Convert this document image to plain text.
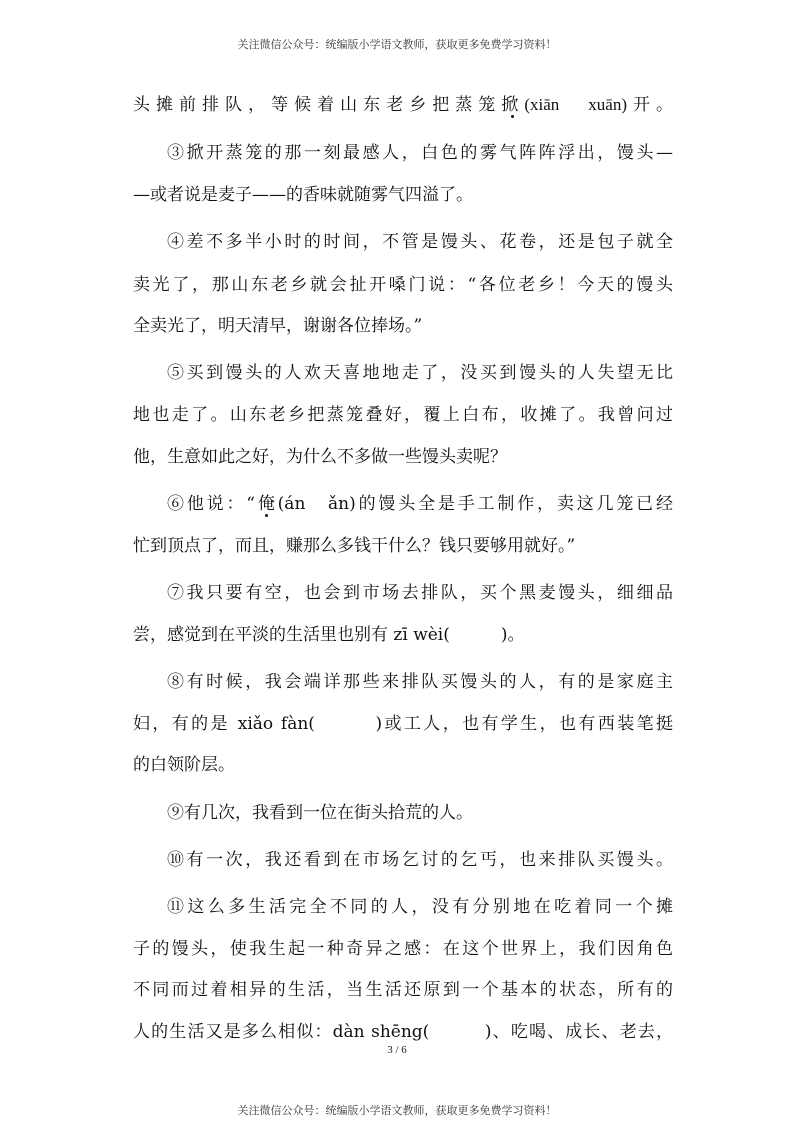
关注微信公众号：统编版小学语文教师，获取更多免费学习资料！
头摊前排队，等候着山东老乡把蒸笼掀(xiān　xuān)开。
③掀开蒸笼的那一刻最感人，白色的雾气阵阵浮出，馒头—
—或者说是麦子——的香味就随雾气四溢了。
④差不多半小时的时间，不管是馒头、花卷，还是包子就全
卖光了，那山东老乡就会扯开嗓门说：“各位老乡！今天的馒头
全卖光了，明天清早，谢谢各位捧场。”
⑤买到馒头的人欢天喜地地走了，没买到馒头的人失望无比
地也走了。山东老乡把蒸笼叠好，覆上白布，收摊了。我曾问过
他，生意如此之好，为什么不多做一些馒头卖呢？
⑥他说：“俺(án　ǎn)的馒头全是手工制作，卖这几笼已经
忙到顶点了，而且，赚那么多钱干什么？钱只要够用就好。”
⑦我只要有空，也会到市场去排队，买个黑麦馒头，细细品
尝，感觉到在平淡的生活里也别有 zī wèi(　　　)。
⑧有时候，我会端详那些来排队买馒头的人，有的是家庭主
妇，有的是 xiǎo fàn(　　　)或工人，也有学生，也有西装笔挺
的白领阶层。
⑨有几次，我看到一位在街头拾荒的人。
⑩有一次，我还看到在市场乞讨的乞丐，也来排队买馒头。
⑪这么多生活完全不同的人，没有分别地在吃着同一个摊
子的馒头，使我生起一种奇异之感：在这个世界上，我们因角色
不同而过着相异的生活，当生活还原到一个基本的状态，所有的
人的生活又是多么相似：dàn shēng(　　　)、吃喝、成长、老去，
3 / 6
关注微信公众号：统编版小学语文教师，获取更多免费学习资料！
